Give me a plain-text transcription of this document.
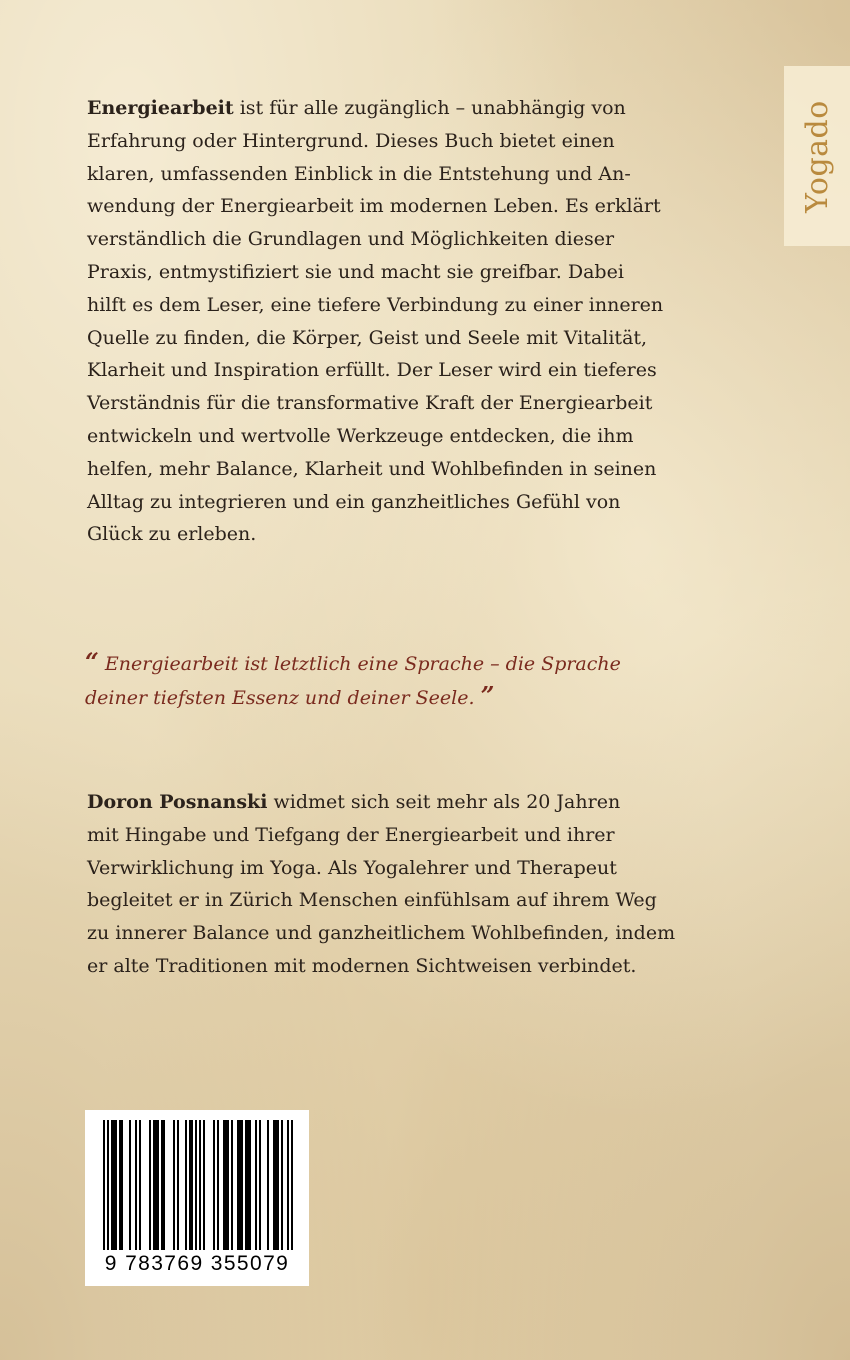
Yogado

Energiearbeit ist für alle zugänglich – unabhängig von
Erfahrung oder Hintergrund. Dieses Buch bietet einen
klaren, umfassenden Einblick in die Entstehung und An-
wendung der Energiearbeit im modernen Leben. Es erklärt
verständlich die Grundlagen und Möglichkeiten dieser
Praxis, entmystifiziert sie und macht sie greifbar. Dabei
hilft es dem Leser, eine tiefere Verbindung zu einer inneren
Quelle zu finden, die Körper, Geist und Seele mit Vitalität,
Klarheit und Inspiration erfüllt. Der Leser wird ein tieferes
Verständnis für die transformative Kraft der Energiearbeit
entwickeln und wertvolle Werkzeuge entdecken, die ihm
helfen, mehr Balance, Klarheit und Wohlbefinden in seinen
Alltag zu integrieren und ein ganzheitliches Gefühl von
Glück zu erleben.

“ Energiearbeit ist letztlich eine Sprache – die Sprache
deiner tiefsten Essenz und deiner Seele. ”

Doron Posnanski widmet sich seit mehr als 20 Jahren
mit Hingabe und Tiefgang der Energiearbeit und ihrer
Verwirklichung im Yoga. Als Yogalehrer und Therapeut
begleitet er in Zürich Menschen einfühlsam auf ihrem Weg
zu innerer Balance und ganzheitlichem Wohlbefinden, indem
er alte Traditionen mit modernen Sichtweisen verbindet.

9 783769 355079
